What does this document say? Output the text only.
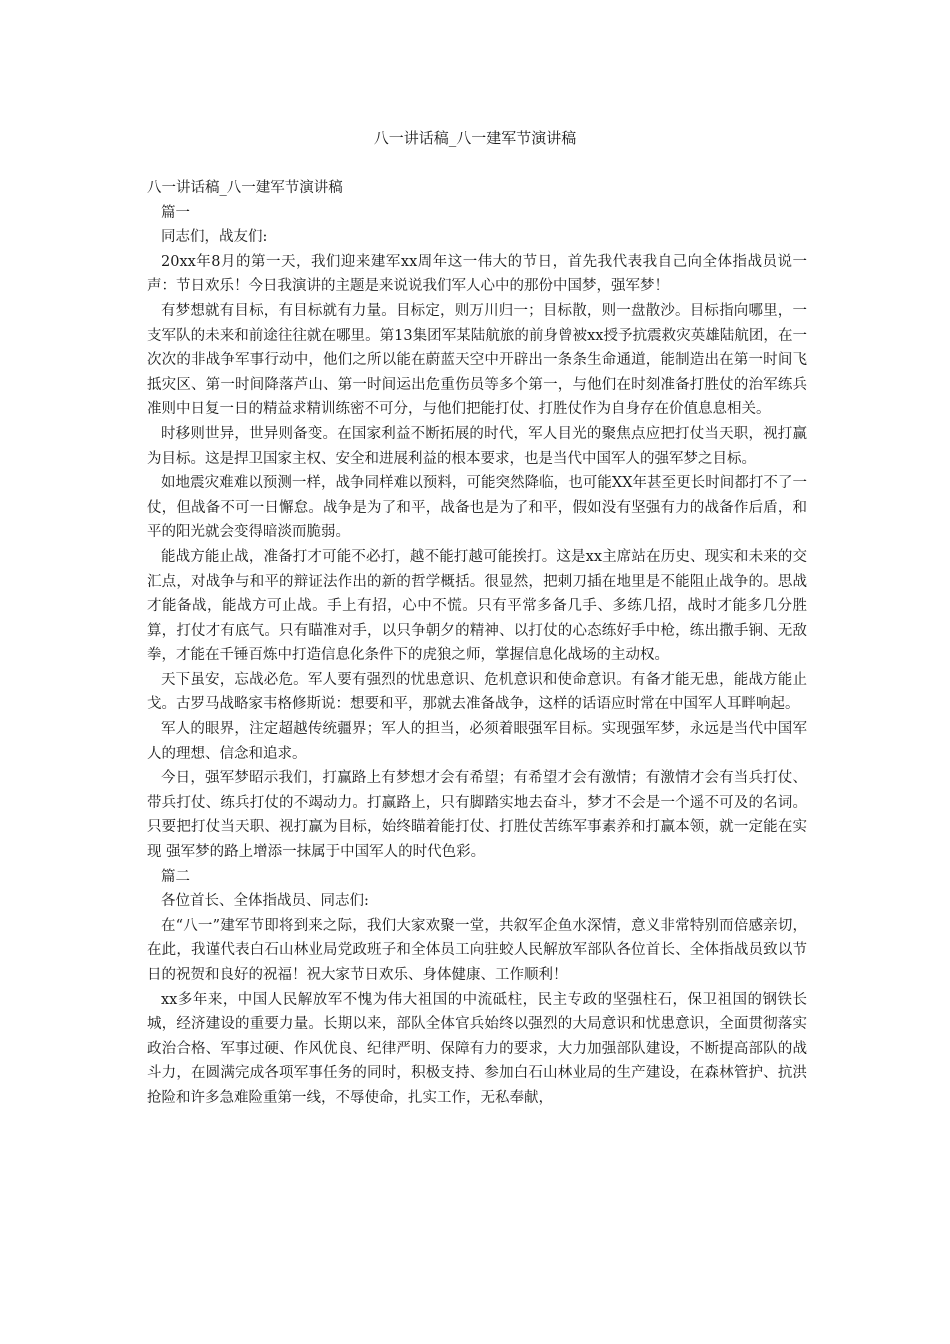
八一讲话稿_八一建军节演讲稿

八一讲话稿_八一建军节演讲稿

篇一

同志们，战友们:

20xx年8月的第一天，我们迎来建军xx周年这一伟大的节日，首先我代表我自己向全体指战员说一声：节日欢乐！今日我演讲的主题是来说说我们军人心中的那份中国梦，强军梦！

有梦想就有目标，有目标就有力量。目标定，则万川归一；目标散，则一盘散沙。目标指向哪里，一支军队的未来和前途往往就在哪里。第13集团军某陆航旅的前身曾被xx授予抗震救灾英雄陆航团，在一次次的非战争军事行动中，他们之所以能在蔚蓝天空中开辟出一条条生命通道，能制造出在第一时间飞抵灾区、第一时间降落芦山、第一时间运出危重伤员等多个第一，与他们在时刻准备打胜仗的治军练兵准则中日复一日的精益求精训练密不可分，与他们把能打仗、打胜仗作为自身存在价值息息相关。

时移则世异，世异则备变。在国家利益不断拓展的时代，军人目光的聚焦点应把打仗当天职，视打赢为目标。这是捍卫国家主权、安全和进展利益的根本要求，也是当代中国军人的强军梦之目标。

如地震灾难难以预测一样，战争同样难以预料，可能突然降临，也可能XX年甚至更长时间都打不了一仗，但战备不可一日懈怠。战争是为了和平，战备也是为了和平，假如没有坚强有力的战备作后盾，和平的阳光就会变得暗淡而脆弱。

能战方能止战，准备打才可能不必打，越不能打越可能挨打。这是xx主席站在历史、现实和未来的交汇点，对战争与和平的辩证法作出的新的哲学概括。很显然，把刺刀插在地里是不能阻止战争的。思战才能备战，能战方可止战。手上有招，心中不慌。只有平常多备几手、多练几招，战时才能多几分胜算，打仗才有底气。只有瞄准对手，以只争朝夕的精神、以打仗的心态练好手中枪，练出撒手锏、无敌拳，才能在千锤百炼中打造信息化条件下的虎狼之师，掌握信息化战场的主动权。

天下虽安，忘战必危。军人要有强烈的忧患意识、危机意识和使命意识。有备才能无患，能战方能止戈。古罗马战略家韦格修斯说：想要和平，那就去准备战争，这样的话语应时常在中国军人耳畔响起。

军人的眼界，注定超越传统疆界；军人的担当，必须着眼强军目标。实现强军梦，永远是当代中国军人的理想、信念和追求。

今日，强军梦昭示我们，打赢路上有梦想才会有希望；有希望才会有激情；有激情才会有当兵打仗、带兵打仗、练兵打仗的不竭动力。打赢路上，只有脚踏实地去奋斗，梦才不会是一个遥不可及的名词。只要把打仗当天职、视打赢为目标，始终瞄着能打仗、打胜仗苦练军事素养和打赢本领，就一定能在实现 强军梦的路上增添一抹属于中国军人的时代色彩。

篇二

各位首长、全体指战员、同志们:

在“八一”建军节即将到来之际，我们大家欢聚一堂，共叙军企鱼水深情，意义非常特别而倍感亲切，在此，我谨代表白石山林业局党政班子和全体员工向驻蛟人民解放军部队各位首长、全体指战员致以节日的祝贺和良好的祝福！祝大家节日欢乐、身体健康、工作顺利！

xx多年来，中国人民解放军不愧为伟大祖国的中流砥柱，民主专政的坚强柱石，保卫祖国的钢铁长城，经济建设的重要力量。长期以来，部队全体官兵始终以强烈的大局意识和忧患意识，全面贯彻落实政治合格、军事过硬、作风优良、纪律严明、保障有力的要求，大力加强部队建设，不断提高部队的战斗力，在圆满完成各项军事任务的同时，积极支持、参加白石山林业局的生产建设，在森林管护、抗洪抢险和许多急难险重第一线，不辱使命，扎实工作，无私奉献，
